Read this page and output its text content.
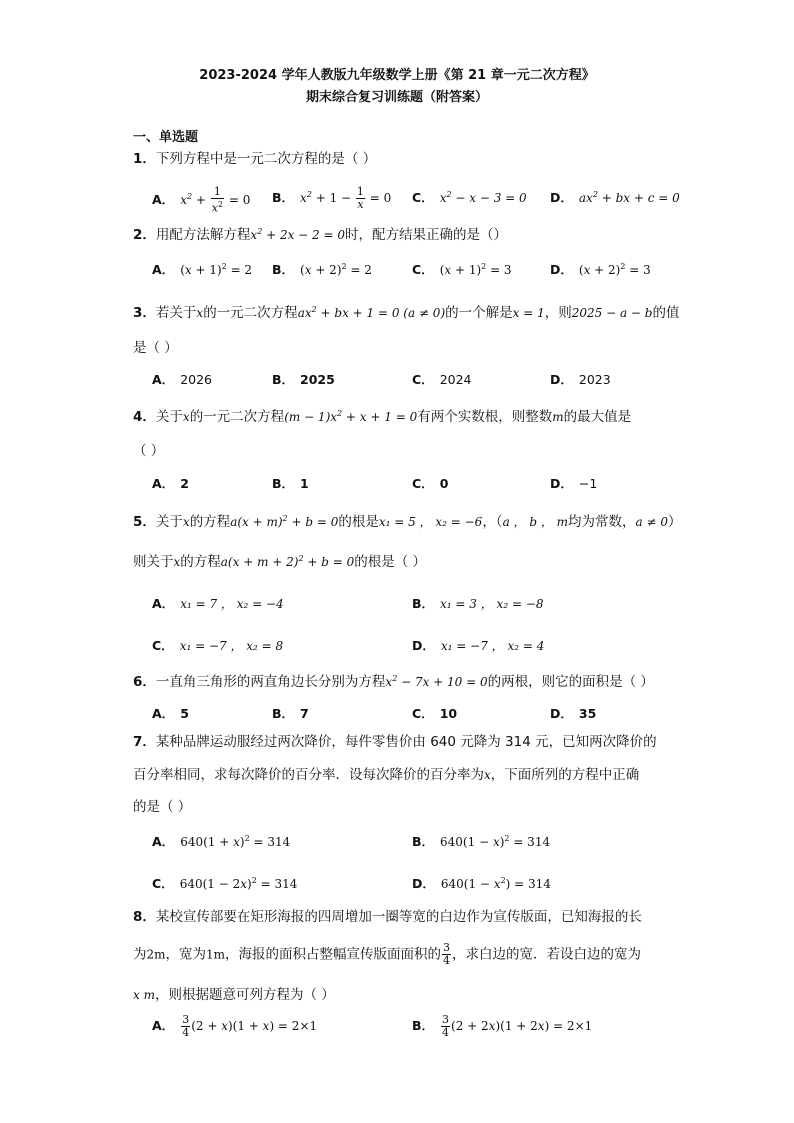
2023-2024 学年人教版九年级数学上册《第 21 章一元二次方程》
期末综合复习训练题（附答案）
一、单选题
1．下列方程中是一元二次方程的是（ ）
A． $x^2 + \frac{1}{x^2} = 0$ B． $x^2 + 1 - \frac{1}{x} = 0$ C． $x^2 - x - 3 = 0$ D． $ax^2$ + bx + c = 0
2．用配方法解方程$x^2 + 2x - 2 = 0$时，配方结果正确的是（）
A． $(x + 1)^2 = 2$ B． $(x + 2)^2 = 2$	C． $(x + 1)^2 = 3$	D． $(x + 2)^2 = 3$
3．若关于x的一元二次方程$ax^2$ + bx + 1 = 0 (a ≠ 0)的一个解是x = 1，则2025 − a − b的值
是（ ）
A． 2026	B． 2025	C． 2024	D． 2023
4．关于x的一元二次方程$(m - 1)x^2 + x + 1 = 0$有两个实数根，则整数m的最大值是
（ ）
A． 2	B． 1	C． 0	D． −1
5．关于x的方程$a(x + m)^2 + b = 0$的根是x₁ = 5 ， x₂ = −6，（a ， b ， m均为常数，a ≠ 0）
则关于x的方程$a(x + m + 2)^2 + b = 0$的根是（ ）
A． x₁ = 7 ， x₂ = −4	B． x₁ = 3 ， x₂ = −8
C． x₁ = −7 ， x₂ = 8	D． x₁ = −7 ， x₂ = 4
6．一直角三角形的两直角边长分别为方程$x^2 - 7x + 10 = 0$的两根，则它的面积是（ ）
A． 5	B． 7	C． 10	D． 35
7．某种品牌运动服经过两次降价，每件零售价由 640 元降为 314 元，已知两次降价的
百分率相同，求每次降价的百分率．设每次降价的百分率为x，下面所列的方程中正确
的是（ ）
A． $640(1 + x)^2 = 314$	B． $640(1 - x)^2 = 314$
C． $640(1 - 2x)^2 = 314$	D． $640(1 - x^2) = 314$
8．某校宣传部要在矩形海报的四周增加一圈等宽的白边作为宣传版面，已知海报的长
为2m，宽为1m，海报的面积占整幅宣传版面面积的 $\frac{3}{4}$ ，求白边的宽．若设白边的宽为
x m，则根据题意可列方程为（ ）
A． $\frac{3}{4} (2 + x)(1 + x) = 2\times 1$	B． $\frac{3}{4} (2 + 2x)(1 + 2x) = 2\times 1$
